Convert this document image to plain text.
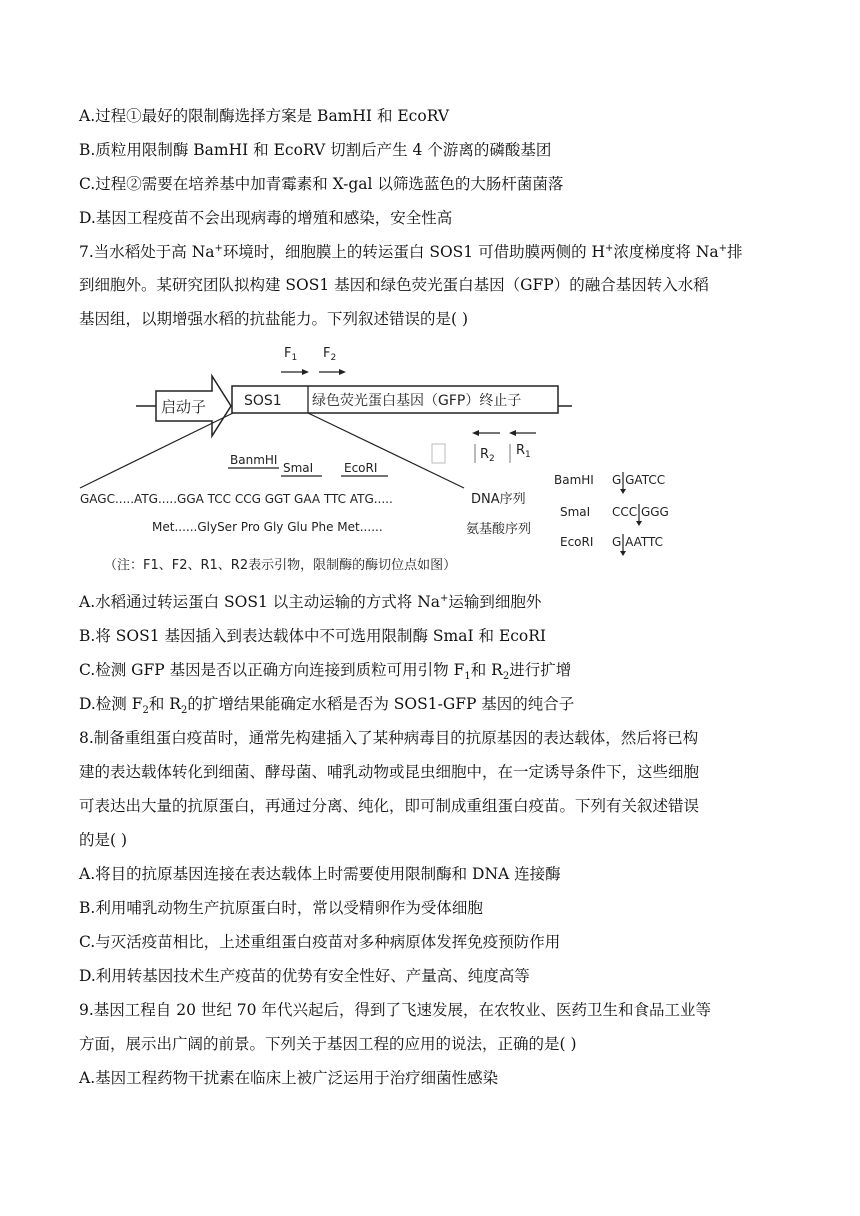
A.过程①最好的限制酶选择方案是 BamHI 和 EcoRV
B.质粒用限制酶 BamHI 和 EcoRV 切割后产生 4 个游离的磷酸基团
C.过程②需要在培养基中加青霉素和 X-gal 以筛选蓝色的大肠杆菌菌落
D.基因工程疫苗不会出现病毒的增殖和感染，安全性高
7.当水稻处于高 Na+环境时，细胞膜上的转运蛋白 SOS1 可借助膜两侧的 H+浓度梯度将 Na+排
到细胞外。某研究团队拟构建 SOS1 基因和绿色荧光蛋白基因（GFP）的融合基因转入水稻
基因组，以期增强水稻的抗盐能力。下列叙述错误的是( )
$F_1$ $F_2$
启动子	SOS1 绿色荧光蛋白基因（GFP）终止子
$R_2$
$R_1$
BanmHI
SmaI	EcoRI
GAGC.....ATG.....GGA TCC CCG GGT GAA TTC ATG.....	DNA序列
Met......GlySer Pro Gly Glu Phe Met......	氨基酸序列
BamHI G GATCC
SmaI CCC GGG
EcoRI G AATTC
（注：F1、F2、R1、R2表示引物，限制酶的酶切位点如图）
A.水稻通过转运蛋白 SOS1 以主动运输的方式将 Na+运输到细胞外
B.将 SOS1 基因插入到表达载体中不可选用限制酶 SmaI 和 EcoRI
C.检测 GFP 基因是否以正确方向连接到质粒可用引物 $F_1$和 $R_2$进行扩增
D.检测 $F_2$和 $R_2$的扩增结果能确定水稻是否为 SOS1-GFP 基因的纯合子
8.制备重组蛋白疫苗时，通常先构建插入了某种病毒目的抗原基因的表达载体，然后将已构
建的表达载体转化到细菌、酵母菌、哺乳动物或昆虫细胞中，在一定诱导条件下，这些细胞
可表达出大量的抗原蛋白，再通过分离、纯化，即可制成重组蛋白疫苗。下列有关叙述错误
的是( )
A.将目的抗原基因连接在表达载体上时需要使用限制酶和 DNA 连接酶
B.利用哺乳动物生产抗原蛋白时，常以受精卵作为受体细胞
C.与灭活疫苗相比，上述重组蛋白疫苗对多种病原体发挥免疫预防作用
D.利用转基因技术生产疫苗的优势有安全性好、产量高、纯度高等
9.基因工程自 20 世纪 70 年代兴起后，得到了飞速发展，在农牧业、医药卫生和食品工业等
方面，展示出广阔的前景。下列关于基因工程的应用的说法，正确的是( )
A.基因工程药物干扰素在临床上被广泛运用于治疗细菌性感染
